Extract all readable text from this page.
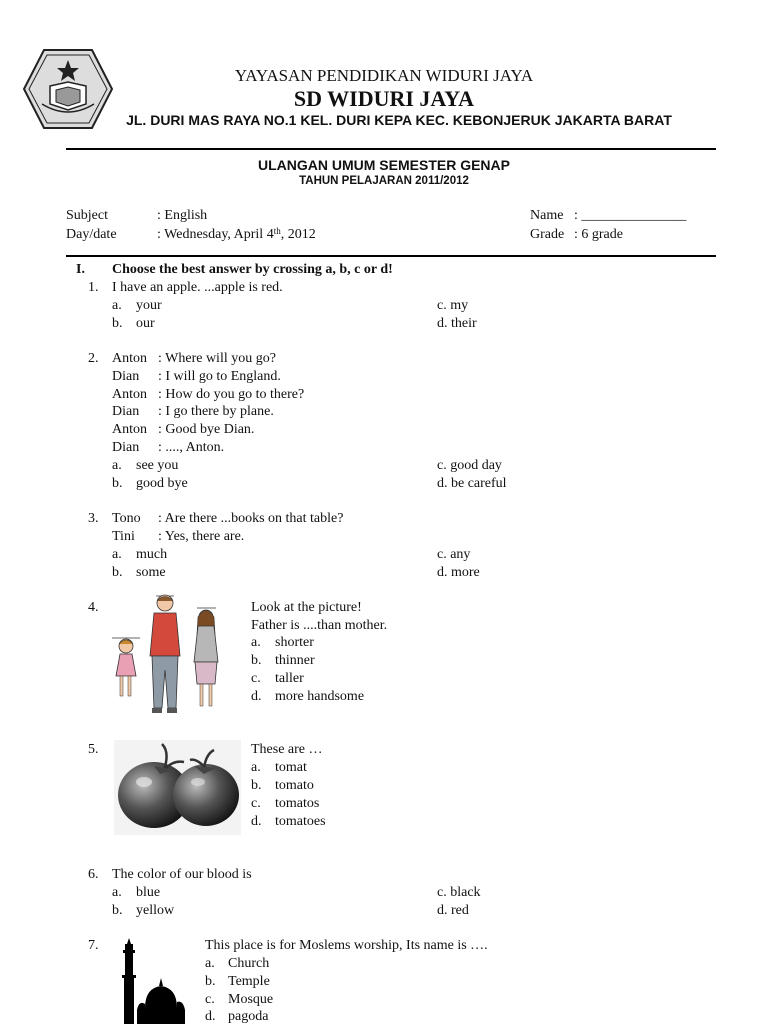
YAYASAN PENDIDIKAN WIDURI JAYA
SD WIDURI JAYA
JL. DURI MAS RAYA NO.1 KEL. DURI KEPA KEC. KEBONJERUK JAKARTA BARAT
ULANGAN UMUM SEMESTER GENAP
TAHUN PELAJARAN 2011/2012
Subject	: English
Day/date	: Wednesday, April 4th, 2012
Name : _______________
Grade : 6 grade
I. Choose the best answer by crossing a, b, c or d!
1. I have an apple. ...apple is red.
a. your
b. our
c. my
d. their
2. Anton : Where will you go?
Dian : I will go to England.
Anton : How do you go to there?
Dian : I go there by plane.
Anton : Good bye Dian.
Dian : ...., Anton.
a. see you
b. good bye
c. good day
d. be careful
3. Tono : Are there ...books on that table?
Tini : Yes, there are.
a. much
b. some
c. any
d. more
4.	Look at the picture!
Father is ....than mother.
a. shorter
b. thinner
c. taller
d. more handsome
5.	These are …
a. tomat
b. tomato
c. tomatos
d. tomatoes
6. The color of our blood is
a. blue
b. yellow
c. black
d. red
7.	This place is for Moslems worship, Its name is ….
a. Church
b. Temple
c. Mosque
d. pagoda
